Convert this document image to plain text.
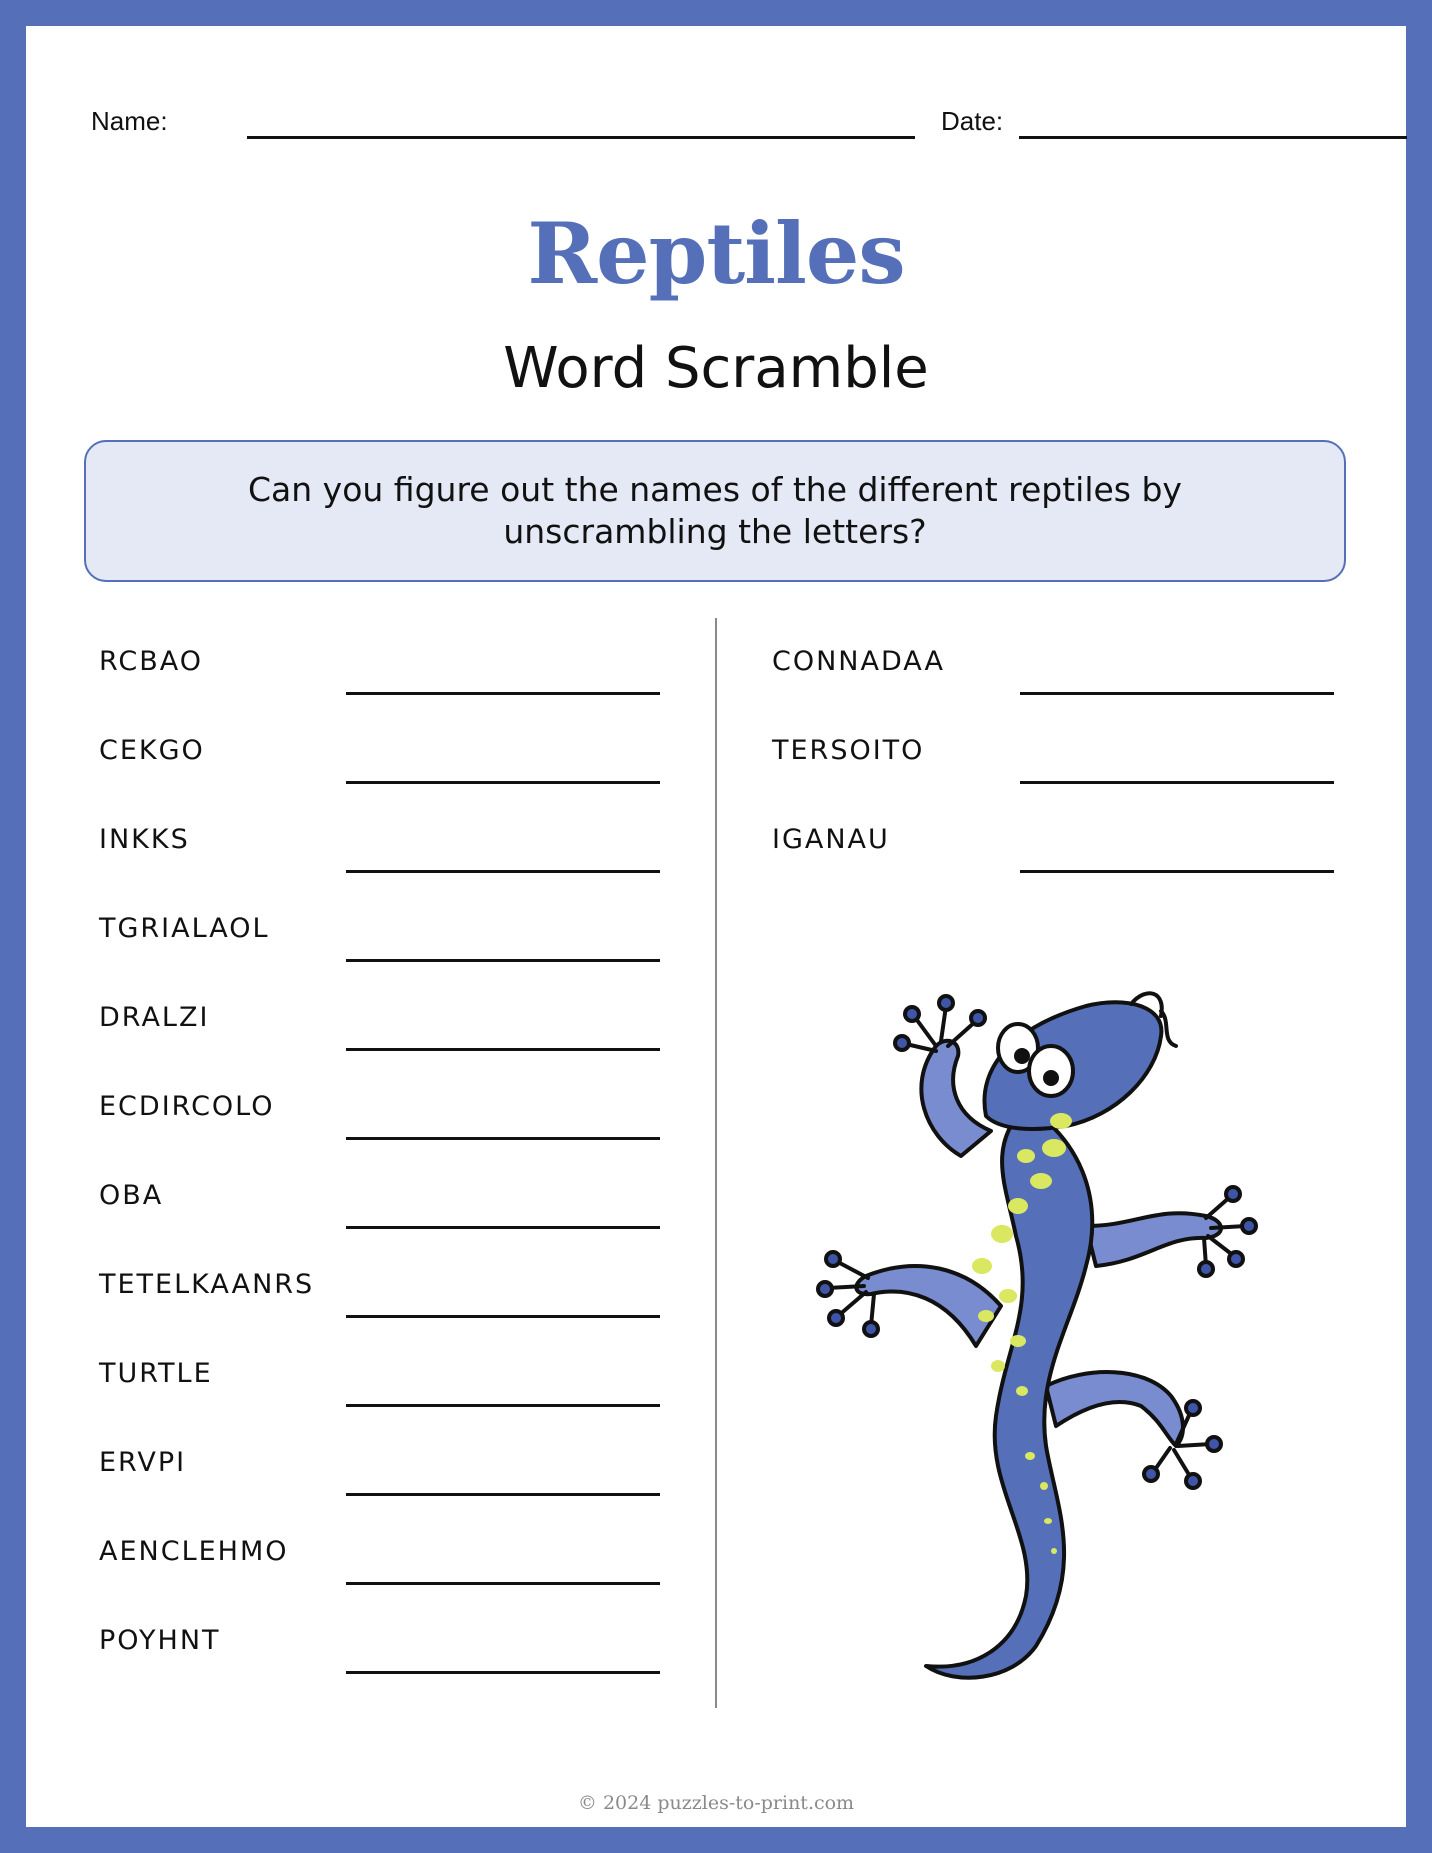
Name:	Date:
Reptiles
Word Scramble
Can you figure out the names of the different reptiles by unscrambling the letters?
RCBAO
CEKGO
INKKS
TGRIALAOL
DRALZI
ECDIRCOLO
OBA
TETELKAANRS
TURTLE
ERVPI
AENCLEHMO
POYHNT
CONNADAA
TERSOITO
IGANAU
© 2024 puzzles-to-print.com
